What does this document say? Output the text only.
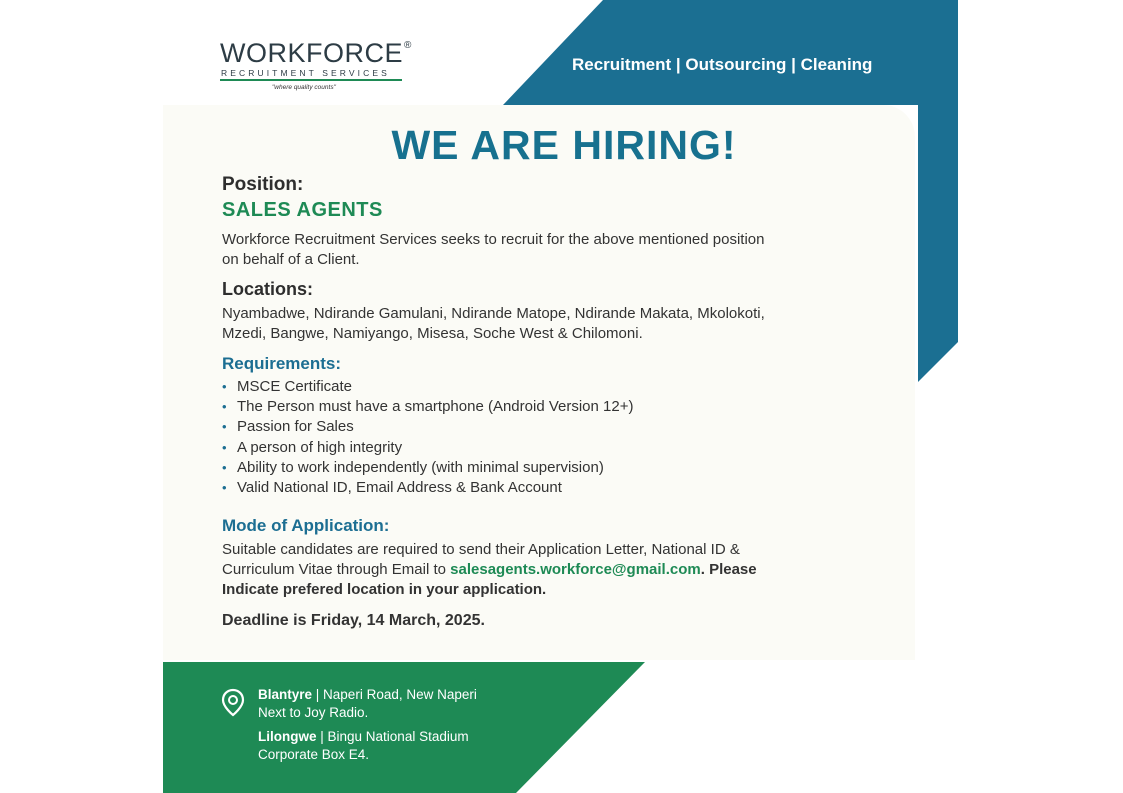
WORKFORCE®
RECRUITMENT SERVICES
"where quality counts"
Recruitment | Outsourcing | Cleaning
WE ARE HIRING!
Position:
SALES AGENTS
Workforce Recruitment Services seeks to recruit for the above mentioned position
on behalf of a Client.
Locations:
Nyambadwe, Ndirande Gamulani, Ndirande Matope, Ndirande Makata, Mkolokoti,
Mzedi, Bangwe, Namiyango, Misesa, Soche West & Chilomoni.
Requirements:
• MSCE Certificate
• The Person must have a smartphone (Android Version 12+)
• Passion for Sales
• A person of high integrity
• Ability to work independently (with minimal supervision)
• Valid National ID, Email Address & Bank Account
Mode of Application:
Suitable candidates are required to send their Application Letter, National ID &
Curriculum Vitae through Email to salesagents.workforce@gmail.com. Please
Indicate prefered location in your application.
Deadline is Friday, 14 March, 2025.
Blantyre | Naperi Road, New Naperi
Next to Joy Radio.
Lilongwe | Bingu National Stadium
Corporate Box E4.
